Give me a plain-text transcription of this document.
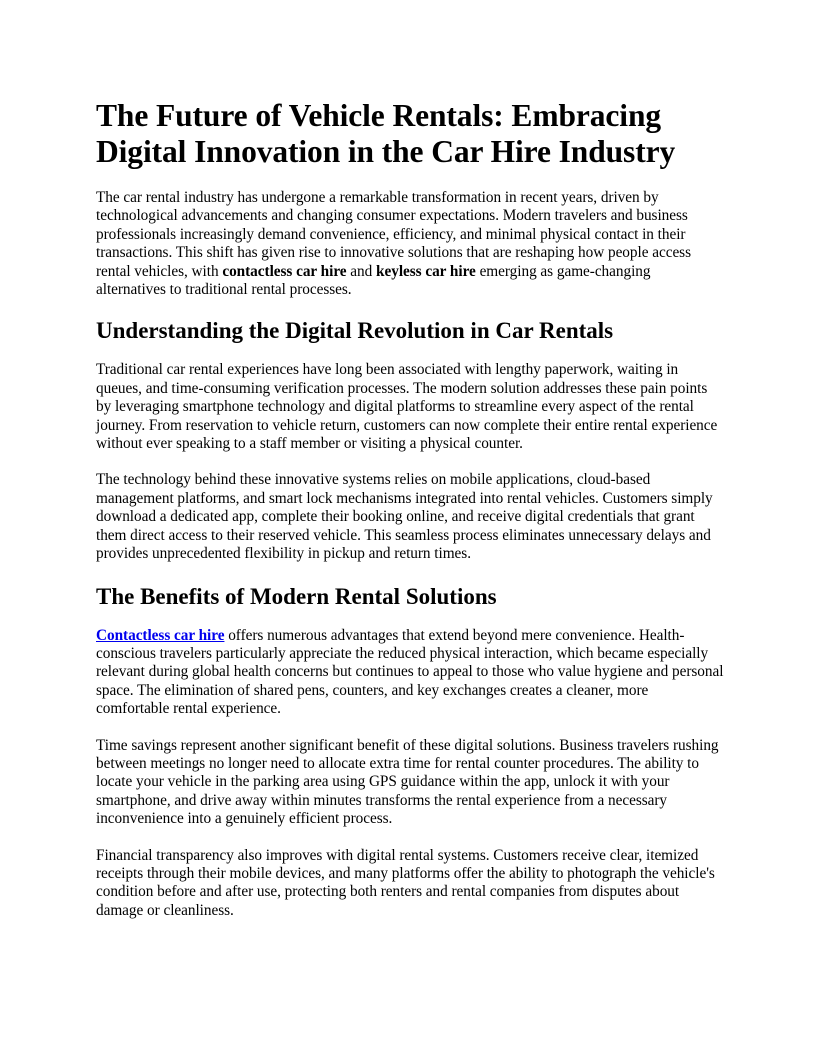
The Future of Vehicle Rentals: Embracing Digital Innovation in the Car Hire Industry

The car rental industry has undergone a remarkable transformation in recent years, driven by technological advancements and changing consumer expectations. Modern travelers and business professionals increasingly demand convenience, efficiency, and minimal physical contact in their transactions. This shift has given rise to innovative solutions that are reshaping how people access rental vehicles, with contactless car hire and keyless car hire emerging as game-changing alternatives to traditional rental processes.

Understanding the Digital Revolution in Car Rentals

Traditional car rental experiences have long been associated with lengthy paperwork, waiting in queues, and time-consuming verification processes. The modern solution addresses these pain points by leveraging smartphone technology and digital platforms to streamline every aspect of the rental journey. From reservation to vehicle return, customers can now complete their entire rental experience without ever speaking to a staff member or visiting a physical counter.

The technology behind these innovative systems relies on mobile applications, cloud-based management platforms, and smart lock mechanisms integrated into rental vehicles. Customers simply download a dedicated app, complete their booking online, and receive digital credentials that grant them direct access to their reserved vehicle. This seamless process eliminates unnecessary delays and provides unprecedented flexibility in pickup and return times.

The Benefits of Modern Rental Solutions

Contactless car hire offers numerous advantages that extend beyond mere convenience. Health-conscious travelers particularly appreciate the reduced physical interaction, which became especially relevant during global health concerns but continues to appeal to those who value hygiene and personal space. The elimination of shared pens, counters, and key exchanges creates a cleaner, more comfortable rental experience.

Time savings represent another significant benefit of these digital solutions. Business travelers rushing between meetings no longer need to allocate extra time for rental counter procedures. The ability to locate your vehicle in the parking area using GPS guidance within the app, unlock it with your smartphone, and drive away within minutes transforms the rental experience from a necessary inconvenience into a genuinely efficient process.

Financial transparency also improves with digital rental systems. Customers receive clear, itemized receipts through their mobile devices, and many platforms offer the ability to photograph the vehicle's condition before and after use, protecting both renters and rental companies from disputes about damage or cleanliness.
